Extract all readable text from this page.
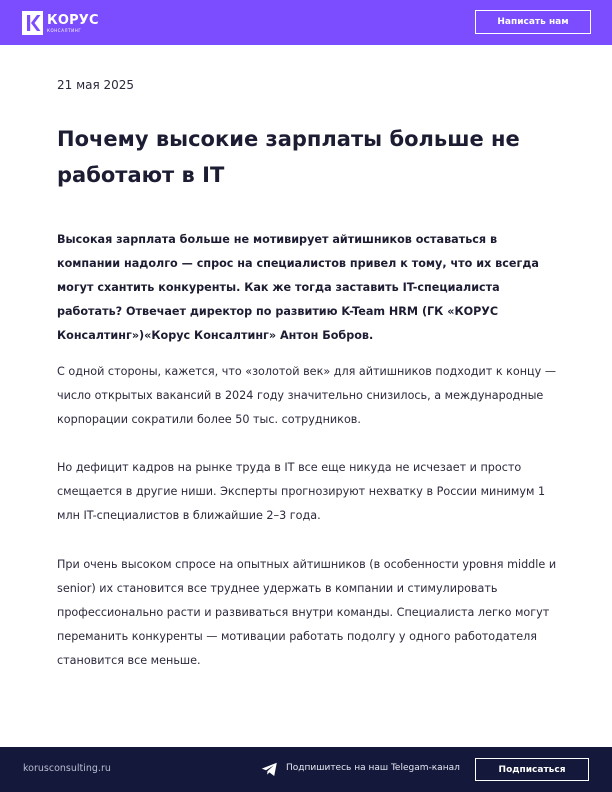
КОРУС
КОНСАЛТИНГ
Написать нам
21 мая 2025
Почему высокие зарплаты больше не работают в IT

Высокая зарплата больше не мотивирует айтишников оставаться в компании надолго — спрос на специалистов привел к тому, что их всегда могут схантить конкуренты. Как же тогда заставить IT-специалиста работать? Отвечает директор по развитию K-Team HRM (ГК «КОРУС Консалтинг»)«Корус Консалтинг» Антон Бобров.

С одной стороны, кажется, что «золотой век» для айтишников подходит к концу — число открытых вакансий в 2024 году значительно снизилось, а международные корпорации сократили более 50 тыс. сотрудников.

Но дефицит кадров на рынке труда в IT все еще никуда не исчезает и просто смещается в другие ниши. Эксперты прогнозируют нехватку в России минимум 1 млн IT-специалистов в ближайшие 2–3 года.

При очень высоком спросе на опытных айтишников (в особенности уровня middle и senior) их становится все труднее удержать в компании и стимулировать профессионально расти и развиваться внутри команды. Специалиста легко могут переманить конкуренты — мотивации работать подолгу у одного работодателя становится все меньше.

korusconsulting.ru	Подпишитесь на наш Telegam-канал	Подписаться
